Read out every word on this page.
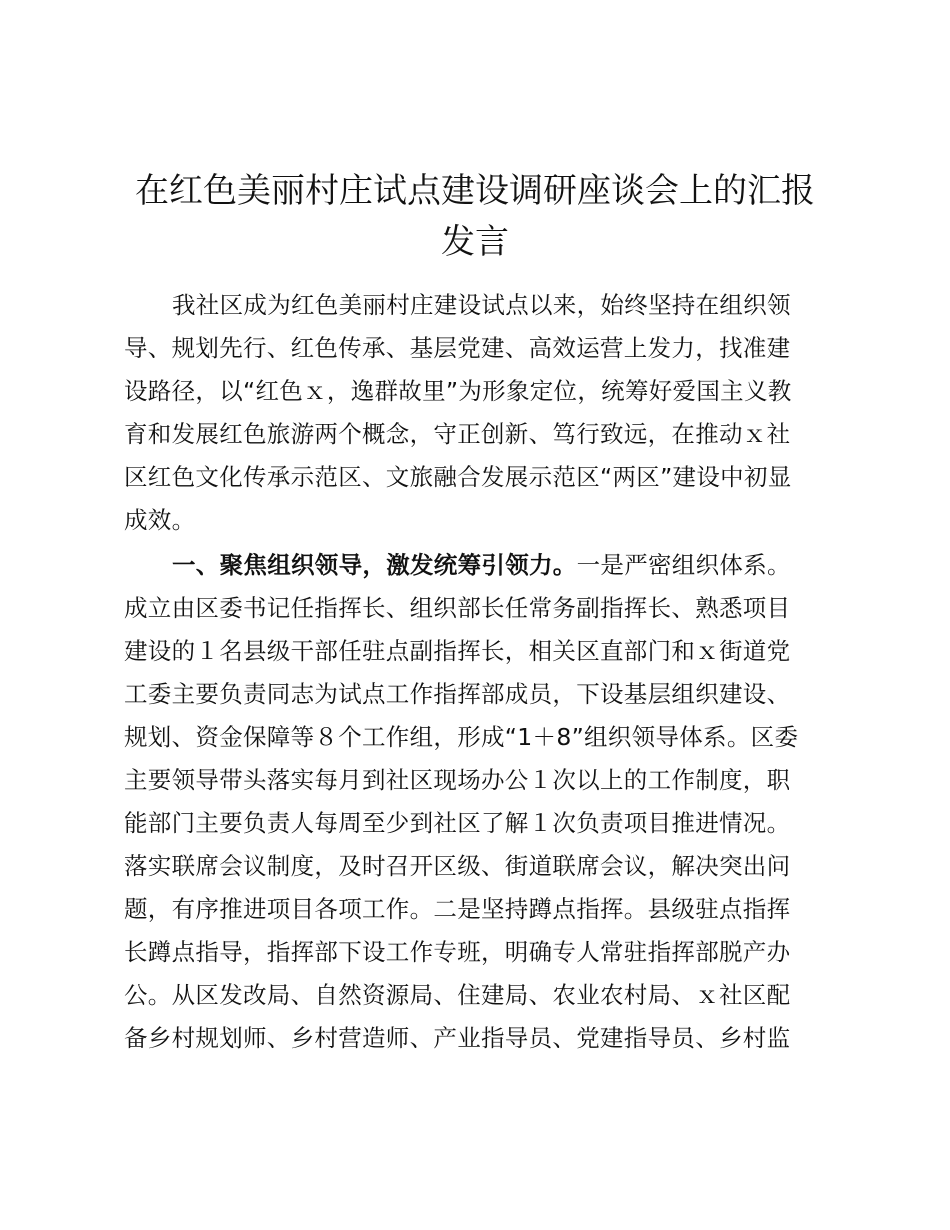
在红色美丽村庄试点建设调研座谈会上的汇报
发言

我社区成为红色美丽村庄建设试点以来，始终坚持在组织领

导、规划先行、红色传承、基层党建、高效运营上发力，找准建

设路径，以“红色ｘ，逸群故里”为形象定位，统筹好爱国主义教

育和发展红色旅游两个概念，守正创新、笃行致远，在推动ｘ社

区红色文化传承示范区、文旅融合发展示范区“两区”建设中初显

成效。

一、聚焦组织领导，激发统筹引领力。一是严密组织体系。

成立由区委书记任指挥长、组织部长任常务副指挥长、熟悉项目

建设的１名县级干部任驻点副指挥长，相关区直部门和ｘ街道党

工委主要负责同志为试点工作指挥部成员，下设基层组织建设、

规划、资金保障等８个工作组，形成“1＋8”组织领导体系。区委

主要领导带头落实每月到社区现场办公１次以上的工作制度，职

能部门主要负责人每周至少到社区了解１次负责项目推进情况。

落实联席会议制度，及时召开区级、街道联席会议，解决突出问

题，有序推进项目各项工作。二是坚持蹲点指挥。县级驻点指挥

长蹲点指导，指挥部下设工作专班，明确专人常驻指挥部脱产办

公。从区发改局、自然资源局、住建局、农业农村局、ｘ社区配

备乡村规划师、乡村营造师、产业指导员、党建指导员、乡村监
